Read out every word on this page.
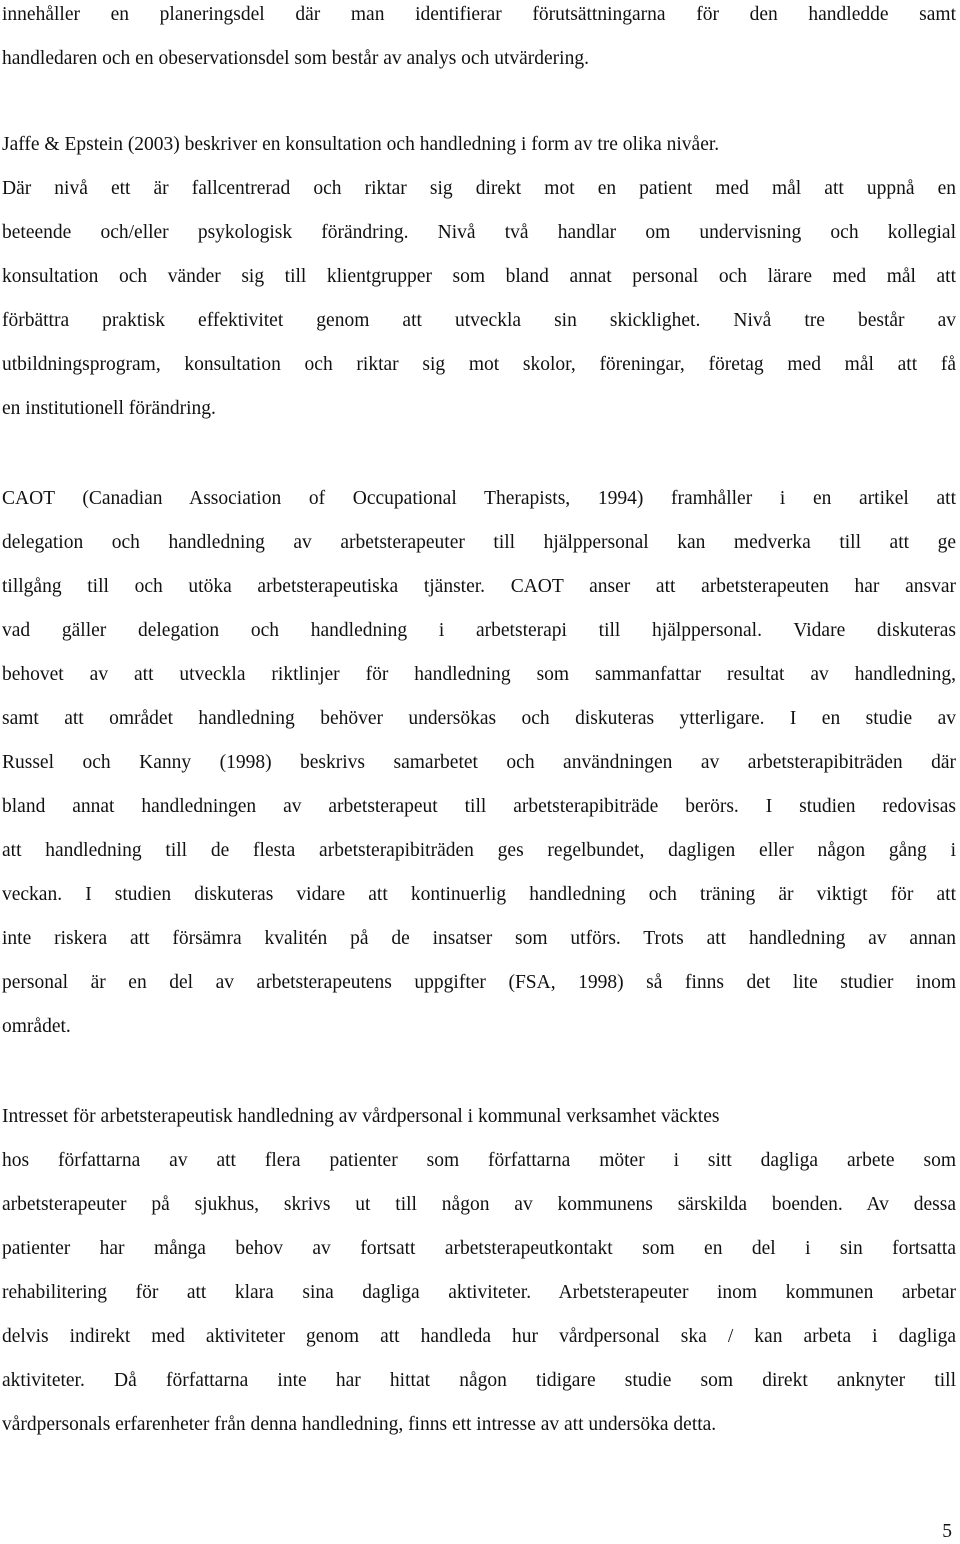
innehåller en planeringsdel där man identifierar förutsättningarna för den handledde samt
handledaren och en obeservationsdel som består av analys och utvärdering.
Jaffe & Epstein (2003) beskriver en konsultation och handledning i form av tre olika nivåer.
Där nivå ett är fallcentrerad och riktar sig direkt mot en patient med mål att uppnå en
beteende och/eller psykologisk förändring. Nivå två handlar om undervisning och kollegial
konsultation och vänder sig till klientgrupper som bland annat personal och lärare med mål att
förbättra praktisk effektivitet genom att utveckla sin skicklighet. Nivå tre består av
utbildningsprogram, konsultation och riktar sig mot skolor, föreningar, företag med mål att få
en institutionell förändring.
CAOT (Canadian Association of Occupational Therapists, 1994) framhåller i en artikel att
delegation och handledning av arbetsterapeuter till hjälppersonal kan medverka till att ge
tillgång till och utöka arbetsterapeutiska tjänster. CAOT anser att arbetsterapeuten har ansvar
vad gäller delegation och handledning i arbetsterapi till hjälppersonal. Vidare diskuteras
behovet av att utveckla riktlinjer för handledning som sammanfattar resultat av handledning,
samt att området handledning behöver undersökas och diskuteras ytterligare. I en studie av
Russel och Kanny (1998) beskrivs samarbetet och användningen av arbetsterapibiträden där
bland annat handledningen av arbetsterapeut till arbetsterapibiträde berörs. I studien redovisas
att handledning till de flesta arbetsterapibiträden ges regelbundet, dagligen eller någon gång i
veckan. I studien diskuteras vidare att kontinuerlig handledning och träning är viktigt för att
inte riskera att försämra kvalitén på de insatser som utförs. Trots att handledning av annan
personal är en del av arbetsterapeutens uppgifter (FSA, 1998) så finns det lite studier inom
området.
Intresset för arbetsterapeutisk handledning av vårdpersonal i kommunal verksamhet väcktes
hos författarna av att flera patienter som författarna möter i sitt dagliga arbete som
arbetsterapeuter på sjukhus, skrivs ut till någon av kommunens särskilda boenden. Av dessa
patienter har många behov av fortsatt arbetsterapeutkontakt som en del i sin fortsatta
rehabilitering för att klara sina dagliga aktiviteter. Arbetsterapeuter inom kommunen arbetar
delvis indirekt med aktiviteter genom att handleda hur vårdpersonal ska / kan arbeta i dagliga
aktiviteter. Då författarna inte har hittat någon tidigare studie som direkt anknyter till
vårdpersonals erfarenheter från denna handledning, finns ett intresse av att undersöka detta.
5
